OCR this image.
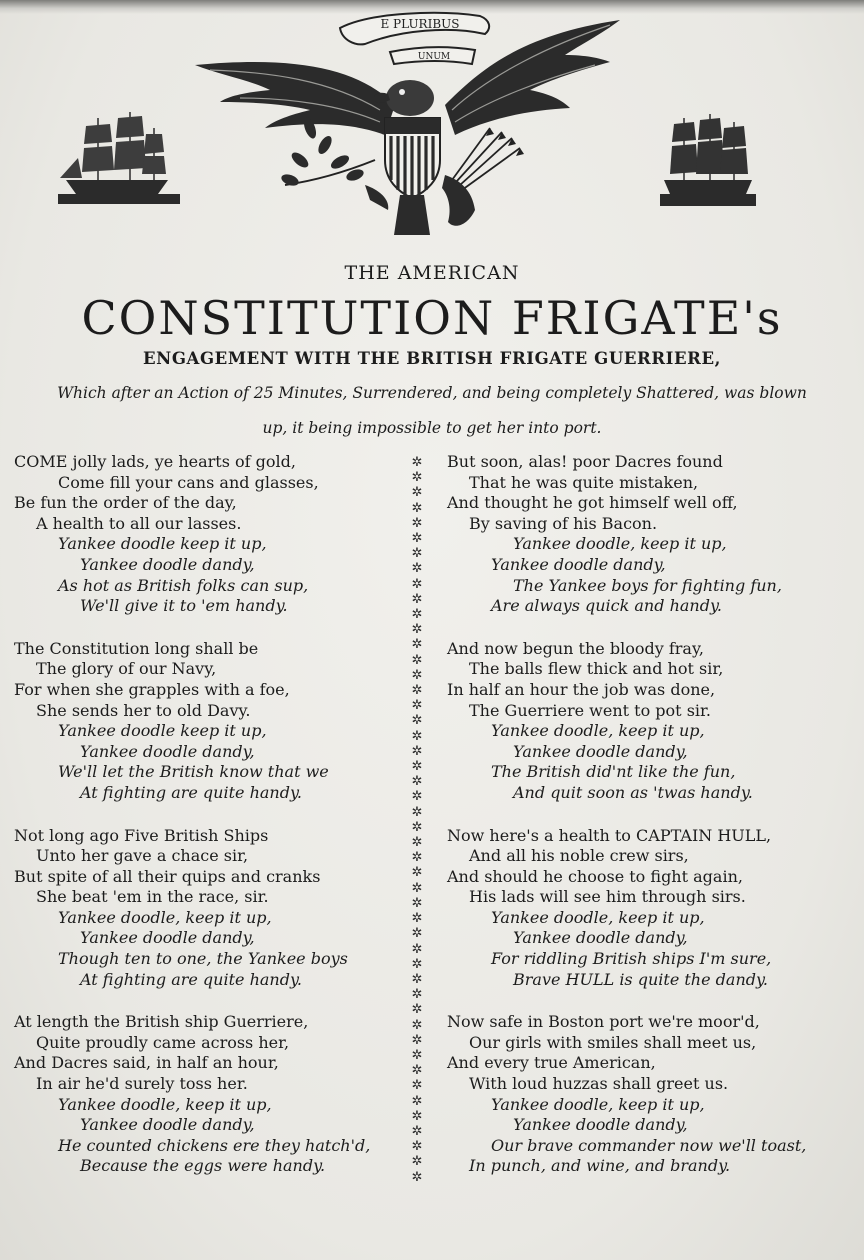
E PLURIBUS
UNUM
THE AMERICAN
CONSTITUTION FRIGATE's
ENGAGEMENT WITH THE BRITISH FRIGATE GUERRIERE,
Which after an Action of 25 Minutes, Surrendered, and being completely Shattered, was blown
up, it being impossible to get her into port.
✲
✲
✲
✲
✲
✲
✲
✲
✲
✲
✲
✲
✲
✲
✲
✲
✲
✲
✲
✲
✲
✲
✲
✲
✲
✲
✲
✲
✲
✲
✲
✲
✲
✲
✲
✲
✲
✲
✲
✲
✲
✲
✲
✲
✲
✲
✲
✲
COME jolly lads, ye hearts of gold,
Come fill your cans and glasses,
Be fun the order of the day,
A health to all our lasses.
Yankee doodle keep it up,
Yankee doodle dandy,
As hot as British folks can sup,
We'll give it to 'em handy.
The Constitution long shall be
The glory of our Navy,
For when she grapples with a foe,
She sends her to old Davy.
Yankee doodle keep it up,
Yankee doodle dandy,
We'll let the British know that we
At fighting are quite handy.
Not long ago Five British Ships
Unto her gave a chace sir,
But spite of all their quips and cranks
She beat 'em in the race, sir.
Yankee doodle, keep it up,
Yankee doodle dandy,
Though ten to one, the Yankee boys
At fighting are quite handy.
At length the British ship Guerriere,
Quite proudly came across her,
And Dacres said, in half an hour,
In air he'd surely toss her.
Yankee doodle, keep it up,
Yankee doodle dandy,
He counted chickens ere they hatch'd,
Because the eggs were handy.
But soon, alas! poor Dacres found
That he was quite mistaken,
And thought he got himself well off,
By saving of his Bacon.
Yankee doodle, keep it up,
Yankee doodle dandy,
The Yankee boys for fighting fun,
Are always quick and handy.
And now begun the bloody fray,
The balls flew thick and hot sir,
In half an hour the job was done,
The Guerriere went to pot sir.
Yankee doodle, keep it up,
Yankee doodle dandy,
The British did'nt like the fun,
And quit soon as 'twas handy.
Now here's a health to CAPTAIN HULL,
And all his noble crew sirs,
And should he choose to fight again,
His lads will see him through sirs.
Yankee doodle, keep it up,
Yankee doodle dandy,
For riddling British ships I'm sure,
Brave HULL is quite the dandy.
Now safe in Boston port we're moor'd,
Our girls with smiles shall meet us,
And every true American,
With loud huzzas shall greet us.
Yankee doodle, keep it up,
Yankee doodle dandy,
Our brave commander now we'll toast,
In punch, and wine, and brandy.
